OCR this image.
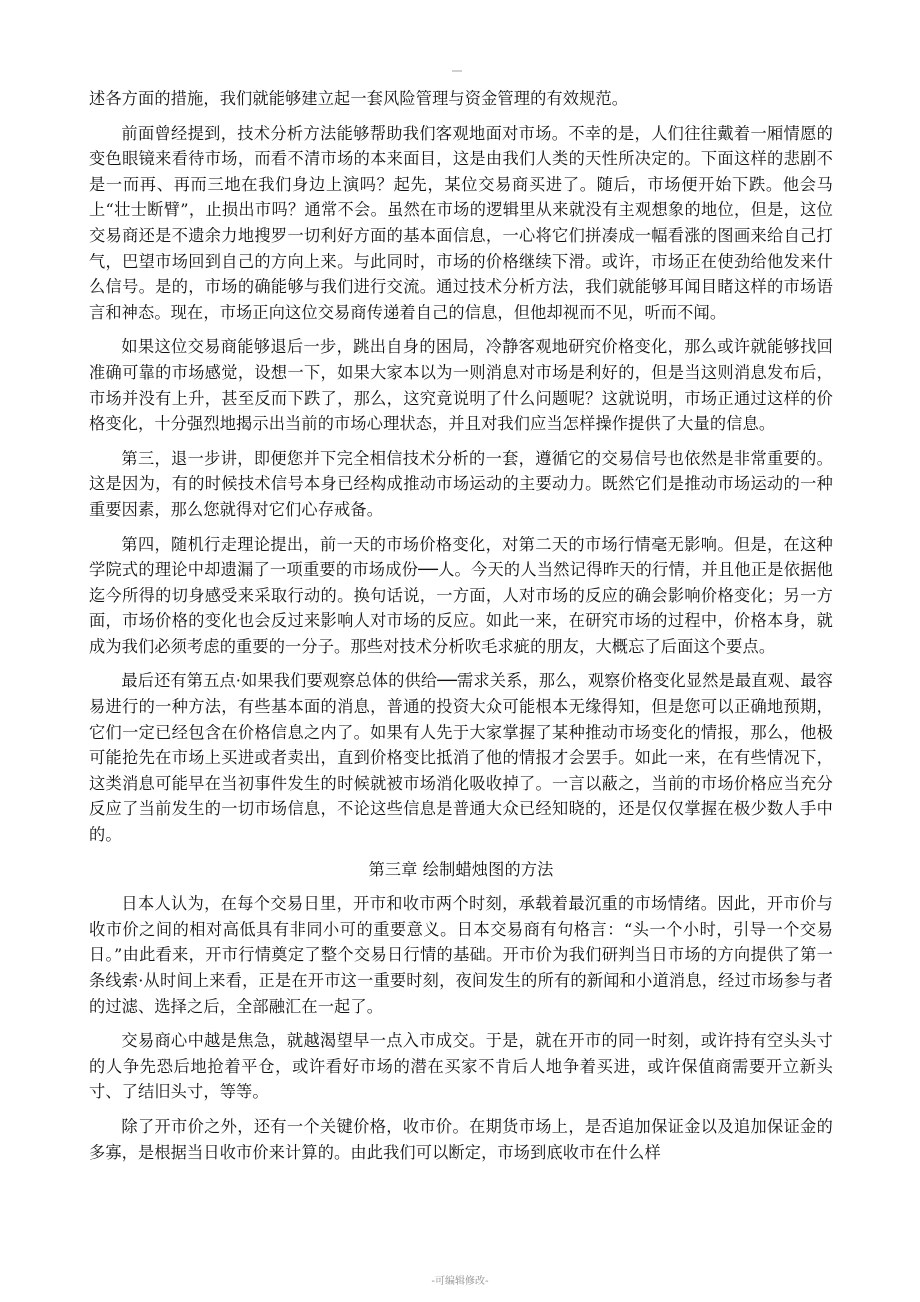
述各方面的措施，我们就能够建立起一套风险管理与资金管理的有效规范。

前面曾经提到，技术分析方法能够帮助我们客观地面对市场。不幸的是，人们往往戴着一厢情愿的变色眼镜来看待市场，而看不清市场的本来面目，这是由我们人类的天性所决定的。下面这样的悲剧不是一而再、再而三地在我们身边上演吗？起先，某位交易商买进了。随后，市场便开始下跌。他会马上“壮士断臂”，止损出市吗？通常不会。虽然在市场的逻辑里从来就没有主观想象的地位，但是，这位交易商还是不遗余力地搜罗一切利好方面的基本面信息，一心将它们拼凑成一幅看涨的图画来给自己打气，巴望市场回到自己的方向上来。与此同时，市场的价格继续下滑。或许，市场正在使劲给他发来什么信号。是的，市场的确能够与我们进行交流。通过技术分析方法，我们就能够耳闻目睹这样的市场语言和神态。现在，市场正向这位交易商传递着自己的信息，但他却视而不见，听而不闻。

如果这位交易商能够退后一步，跳出自身的困局，冷静客观地研究价格变化，那么或许就能够找回准确可靠的市场感觉，设想一下，如果大家本以为一则消息对市场是利好的，但是当这则消息发布后，市场并没有上升，甚至反而下跌了，那么，这究竟说明了什么问题呢？这就说明，市场正通过这样的价格变化，十分强烈地揭示出当前的市场心理状态，并且对我们应当怎样操作提供了大量的信息。

第三，退一步讲，即便您并下完全相信技术分析的一套，遵循它的交易信号也依然是非常重要的。这是因为，有的时候技术信号本身已经构成推动市场运动的主要动力。既然它们是推动市场运动的一种重要因素，那么您就得对它们心存戒备。

第四，随机行走理论提出，前一天的市场价格变化，对第二天的市场行情毫无影响。但是，在这种学院式的理论中却遗漏了一项重要的市场成份──人。今天的人当然记得昨天的行情，并且他正是依据他迄今所得的切身感受来采取行动的。换句话说，一方面，人对市场的反应的确会影响价格变化；另一方面，市场价格的变化也会反过来影响人对市场的反应。如此一来，在研究市场的过程中，价格本身，就成为我们必须考虑的重要的一分子。那些对技术分析吹毛求疵的朋友，大概忘了后面这个要点。

最后还有第五点·如果我们要观察总体的供给──需求关系，那么，观察价格变化显然是最直观、最容易进行的一种方法，有些基本面的消息，普通的投资大众可能根本无缘得知，但是您可以正确地预期，它们一定已经包含在价格信息之内了。如果有人先于大家掌握了某种推动市场变化的情报，那么，他极可能抢先在市场上买进或者卖出，直到价格变比抵消了他的情报才会罢手。如此一来，在有些情况下，这类消息可能早在当初事件发生的时候就被市场消化吸收掉了。一言以蔽之，当前的市场价格应当充分反应了当前发生的一切市场信息，不论这些信息是普通大众已经知晓的，还是仅仅掌握在极少数人手中的。

第三章 绘制蜡烛图的方法

日本人认为，在每个交易日里，开市和收市两个时刻，承载着最沉重的市场情绪。因此，开市价与收市价之间的相对高低具有非同小可的重要意义。日本交易商有句格言：“头一个小时，引导一个交易日。”由此看来，开市行情奠定了整个交易日行情的基础。开市价为我们研判当日市场的方向提供了第一条线索·从时间上来看，正是在开市这一重要时刻，夜间发生的所有的新闻和小道消息，经过市场参与者的过滤、选择之后，全部融汇在一起了。

交易商心中越是焦急，就越渴望早一点入市成交。于是，就在开市的同一时刻，或许持有空头头寸的人争先恐后地抢着平仓，或许看好市场的潜在买家不肯后人地争着买进，或许保值商需要开立新头寸、了结旧头寸，等等。

除了开市价之外，还有一个关键价格，收市价。在期货市场上，是否追加保证金以及追加保证金的多寡，是根据当日收市价来计算的。由此我们可以断定，市场到底收市在什么样

-可编辑修改-
